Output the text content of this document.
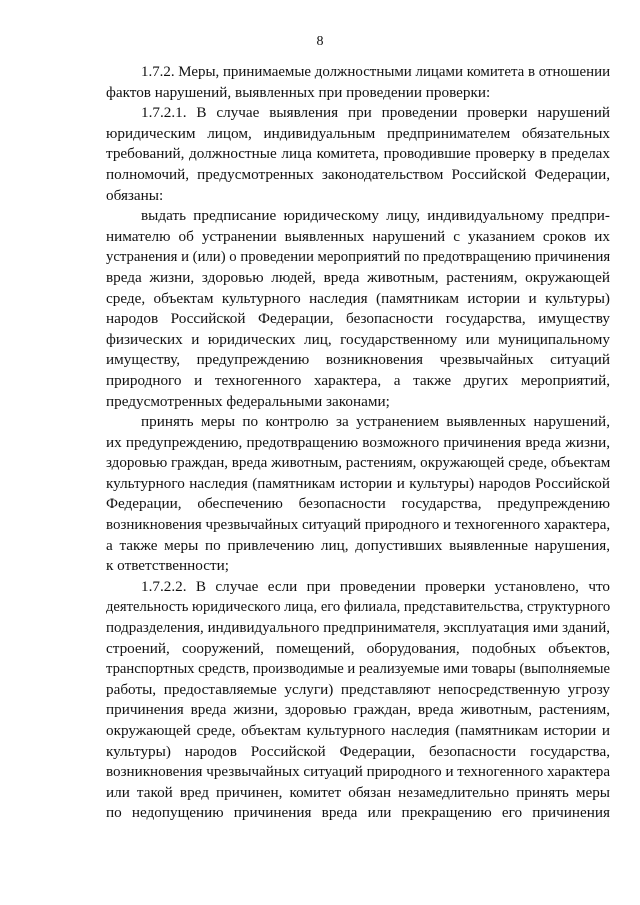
8
1.7.2. Меры, принимаемые должностными лицами комитета в отношении
фактов нарушений, выявленных при проведении проверки:
1.7.2.1. В случае выявления при проведении проверки нарушений
юридическим лицом, индивидуальным предпринимателем обязательных
требований, должностные лица комитета, проводившие проверку в пределах
полномочий, предусмотренных законодательством Российской Федерации,
обязаны:
выдать предписание юридическому лицу, индивидуальному предпри-
нимателю об устранении выявленных нарушений с указанием сроков их
устранения и (или) о проведении мероприятий по предотвращению причинения
вреда жизни, здоровью людей, вреда животным, растениям, окружающей
среде, объектам культурного наследия (памятникам истории и культуры)
народов Российской Федерации, безопасности государства, имуществу
физических и юридических лиц, государственному или муниципальному
имуществу, предупреждению возникновения чрезвычайных ситуаций
природного и техногенного характера, а также других мероприятий,
предусмотренных федеральными законами;
принять меры по контролю за устранением выявленных нарушений,
их предупреждению, предотвращению возможного причинения вреда жизни,
здоровью граждан, вреда животным, растениям, окружающей среде, объектам
культурного наследия (памятникам истории и культуры) народов Российской
Федерации, обеспечению безопасности государства, предупреждению
возникновения чрезвычайных ситуаций природного и техногенного характера,
а также меры по привлечению лиц, допустивших выявленные нарушения,
к ответственности;
1.7.2.2. В случае если при проведении проверки установлено, что
деятельность юридического лица, его филиала, представительства, структурного
подразделения, индивидуального предпринимателя, эксплуатация ими зданий,
строений, сооружений, помещений, оборудования, подобных объектов,
транспортных средств, производимые и реализуемые ими товары (выполняемые
работы, предоставляемые услуги) представляют непосредственную угрозу
причинения вреда жизни, здоровью граждан, вреда животным, растениям,
окружающей среде, объектам культурного наследия (памятникам истории и
культуры) народов Российской Федерации, безопасности государства,
возникновения чрезвычайных ситуаций природного и техногенного характера
или такой вред причинен, комитет обязан незамедлительно принять меры
по недопущению причинения вреда или прекращению его причинения
